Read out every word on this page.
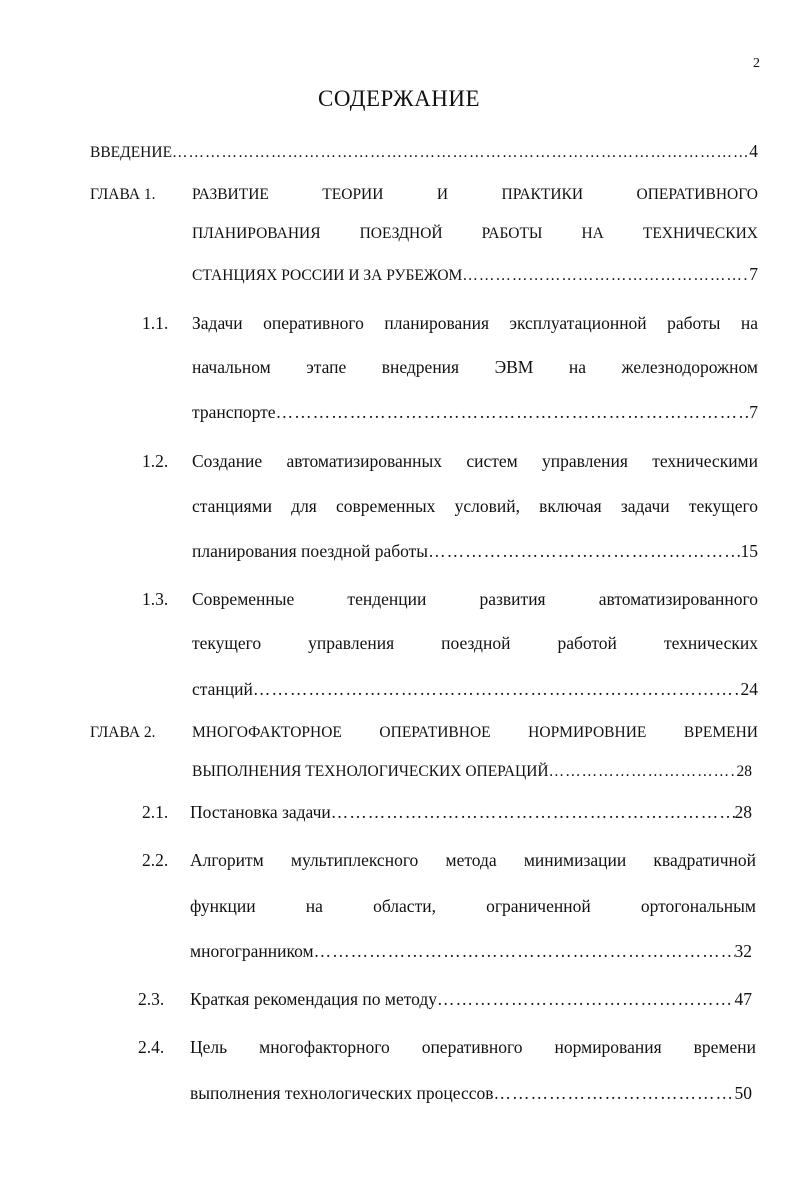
2
СОДЕРЖАНИЕ
ВВЕДЕНИЕ …………………………………………………………………………………………………………………………………………………………………………	4
ГЛАВА 1. РАЗВИТИЕ ТЕОРИИ И ПРАКТИКИ ОПЕРАТИВНОГО
ПЛАНИРОВАНИЯ ПОЕЗДНОЙ РАБОТЫ НА ТЕХНИЧЕСКИХ
СТАНЦИЯХ РОССИИ И ЗА РУБЕЖОМ …………………………………………………………………………………………………………………………………………………………………………	7
1.1. Задачи оперативного планирования эксплуатационной работы на
начальном этапе внедрения ЭВМ на железнодорожном
транспорте …………………………………………………………………………………………………………………………………………………………………………	7
1.2. Создание автоматизированных систем управления техническими
станциями для современных условий, включая задачи текущего
планирования поездной работы …………………………………………………………………………………………………………………………………………………………………………	15
1.3. Современные тенденции развития автоматизированного
текущего управления поездной работой технических
станций …………………………………………………………………………………………………………………………………………………………………………	24
ГЛАВА 2. МНОГОФАКТОРНОЕ ОПЕРАТИВНОЕ НОРМИРОВНИЕ ВРЕМЕНИ
ВЫПОЛНЕНИЯ ТЕХНОЛОГИЧЕСКИХ ОПЕРАЦИЙ …………………………………………………………………………………………………………………………………………………………………………	28
2.1. Постановка задачи …………………………………………………………………………………………………………………………………………………………………………	28
2.2. Алгоритм мультиплексного метода минимизации квадратичной
функции на области, ограниченной ортогональным
многогранником …………………………………………………………………………………………………………………………………………………………………………	32
2.3. Краткая рекомендация по методу …………………………………………………………………………………………………………………………………………………………………………	47
2.4. Цель многофакторного оперативного нормирования времени
выполнения технологических процессов …………………………………………………………………………………………………………………………………………………………………………	50
